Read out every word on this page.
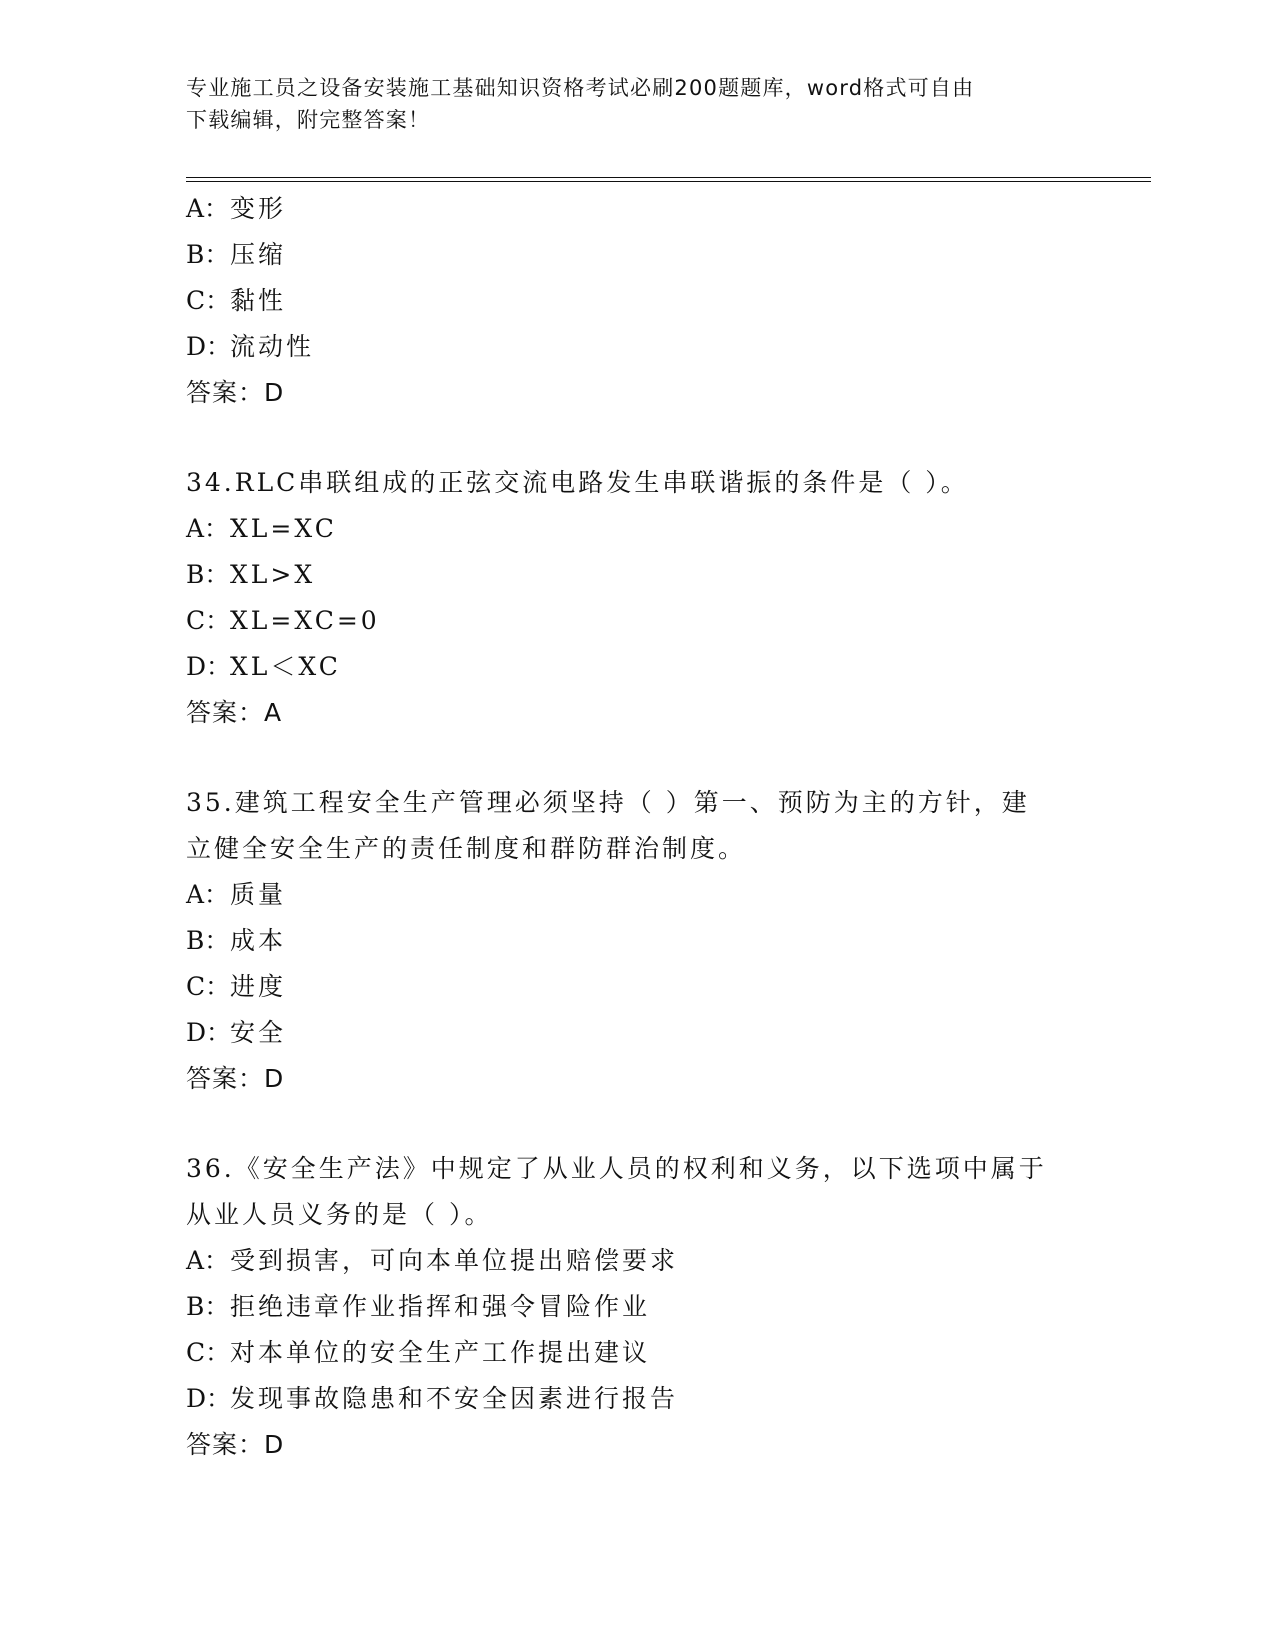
专业施工员之设备安装施工基础知识资格考试必刷200题题库，word格式可自由
下载编辑，附完整答案！
A：变形
B：压缩
C：黏性
D：流动性
答案：D
34.RLC串联组成的正弦交流电路发生串联谐振的条件是（ ）。
A：XL=XC
B：XL>X
C：XL=XC=0
D：XL＜XC
答案：A
35.建筑工程安全生产管理必须坚持（ ）第一、预防为主的方针，建
立健全安全生产的责任制度和群防群治制度。
A：质量
B：成本
C：进度
D：安全
答案：D
36.《安全生产法》中规定了从业人员的权利和义务，以下选项中属于
从业人员义务的是（ ）。
A：受到损害，可向本单位提出赔偿要求
B：拒绝违章作业指挥和强令冒险作业
C：对本单位的安全生产工作提出建议
D：发现事故隐患和不安全因素进行报告
答案：D
